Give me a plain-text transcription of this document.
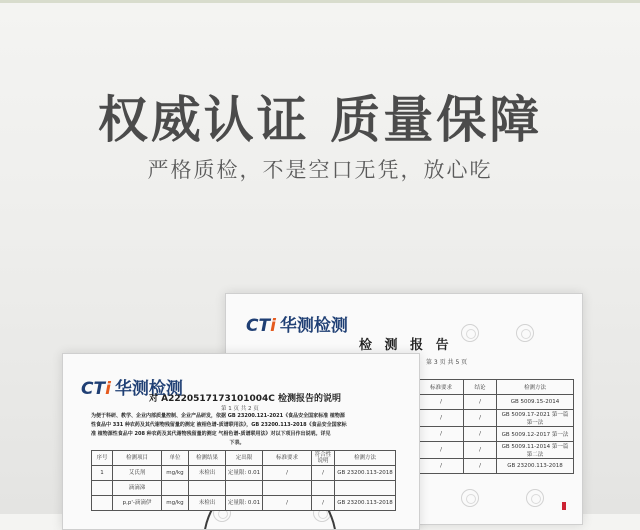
权威认证 质量保障
严格质检，不是空口无凭，放心吃
CTi 华测检测
检 测 报 告
第 3 页 共 5 页
标准要求	结论	检测方法
/	/	GB 5009.15-2014
/	/	GB 5009.17-2021 第一篇 第一法
/	/	GB 5009.12-2017 第一法
/	/	GB 5009.11-2014 第一篇 第二法
/	/	GB 23200.113-2018
CTi 华测检测
对 A2220517173101004C 检测报告的说明
第 1 页 共 2 页
为便于科研、教学、企业内部质量控制、企业产品研发，依据 GB 23200.121-2021《食品安全国家标准 植物源
性食品中 331 种农药及其代谢物残留量的测定 液相色谱-质谱联用法》，GB 23200.113-2018《食品安全国家标
准 植物源性食品中 208 种农药及其代谢物残留量的测定 气相色谱-质谱联用法》对以下项目作出说明。详见
下表。
序号	检测项目	单位	检测结果	定出限	标准要求	符合性说明	检测方法
1	艾氏剂	mg/kg	未检出	定量限: 0.01	/	/	GB 23200.113-2018
	滴滴涕						
	p,p'-滴滴伊	mg/kg	未检出	定量限: 0.01	/	/	GB 23200.113-2018
